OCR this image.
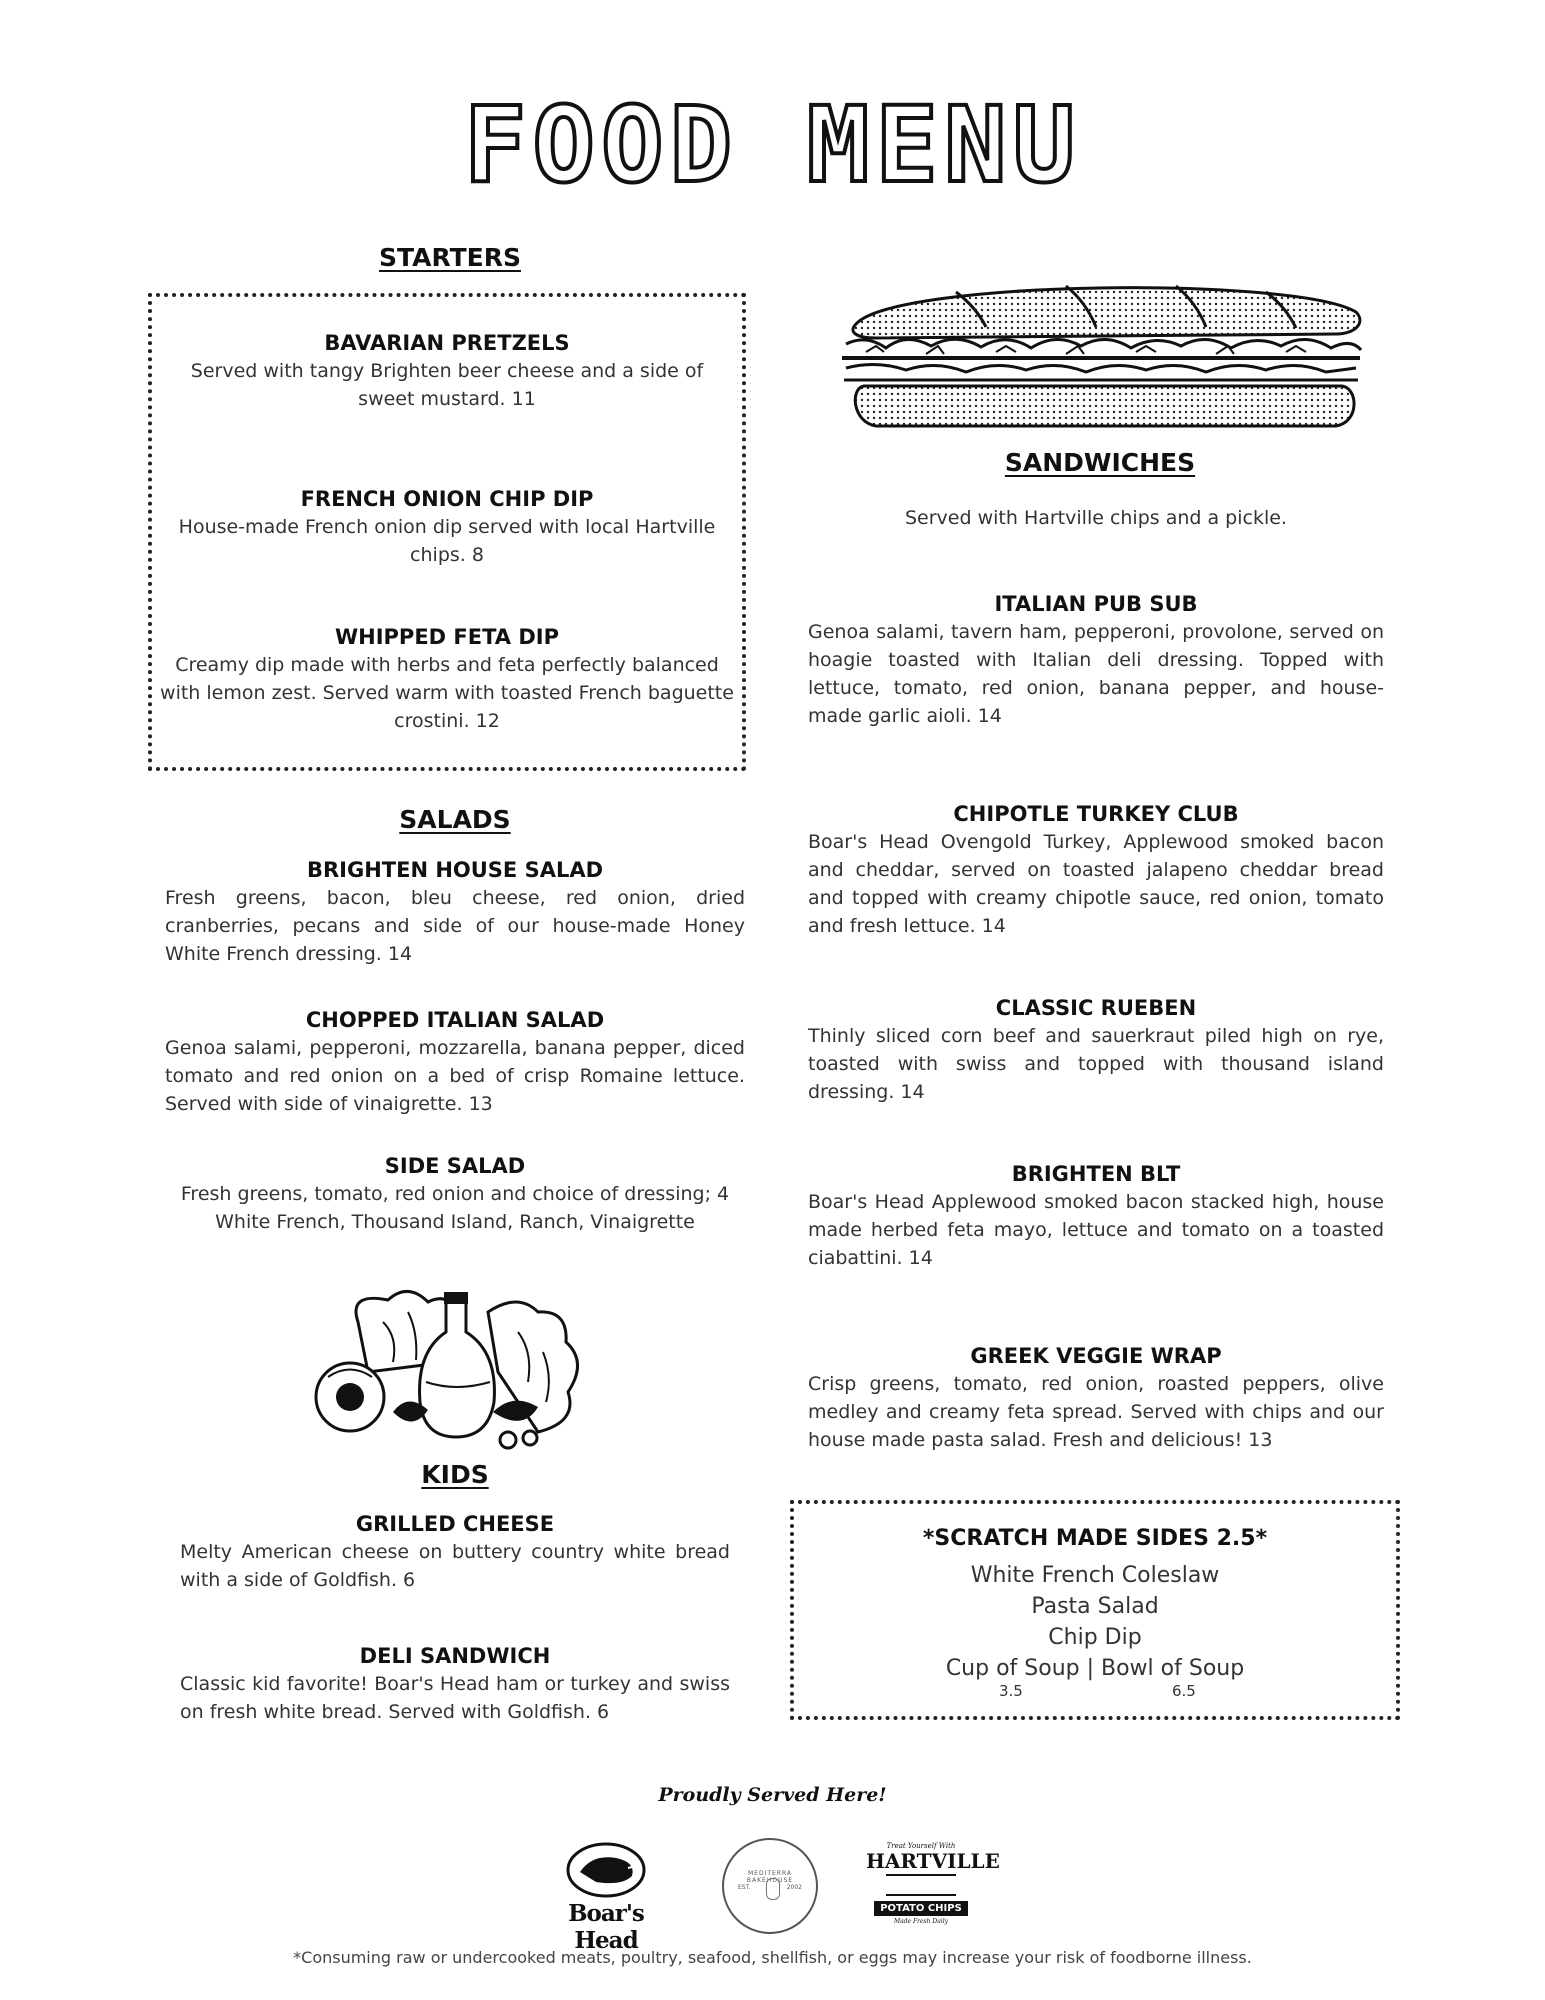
FOOD MENU
STARTERS

BAVARIAN PRETZELS

Served with tangy Brighten beer cheese and a side of sweet mustard. 11

FRENCH ONION CHIP DIP

House-made French onion dip served with local Hartville chips. 8

WHIPPED FETA DIP

Creamy dip made with herbs and feta perfectly balanced with lemon zest. Served warm with toasted French baguette crostini. 12

SANDWICHES
Served with Hartville chips and a pickle.

ITALIAN PUB SUB

Genoa salami, tavern ham, pepperoni, provolone, served on hoagie toasted with Italian deli dressing. Topped with lettuce, tomato, red onion, banana pepper, and house-made garlic aioli. 14

CHIPOTLE TURKEY CLUB

Boar's Head Ovengold Turkey, Applewood smoked bacon and cheddar, served on toasted jalapeno cheddar bread and topped with creamy chipotle sauce, red onion, tomato and fresh lettuce. 14

CLASSIC RUEBEN

Thinly sliced corn beef and sauerkraut piled high on rye, toasted with swiss and topped with thousand island dressing. 14

BRIGHTEN BLT

Boar's Head Applewood smoked bacon stacked high, house made herbed feta mayo, lettuce and tomato on a toasted ciabattini. 14

GREEK VEGGIE WRAP

Crisp greens, tomato, red onion, roasted peppers, olive medley and creamy feta spread. Served with chips and our house made pasta salad. Fresh and delicious! 13

SALADS

BRIGHTEN HOUSE SALAD

Fresh greens, bacon, bleu cheese, red onion, dried cranberries, pecans and side of our house-made Honey White French dressing. 14

CHOPPED ITALIAN SALAD

Genoa salami, pepperoni, mozzarella, banana pepper, diced tomato and red onion on a bed of crisp Romaine lettuce. Served with side of vinaigrette. 13

SIDE SALAD

Fresh greens, tomato, red onion and choice of dressing; 4

White French, Thousand Island, Ranch, Vinaigrette

KIDS

GRILLED CHEESE

Melty American cheese on buttery country white bread with a side of Goldfish. 6

DELI SANDWICH

Classic kid favorite! Boar's Head ham or turkey and swiss on fresh white bread. Served with Goldfish. 6

*SCRATCH MADE SIDES 2.5*
White French Coleslaw
Pasta Salad
Chip Dip
Cup of Soup | Bowl of Soup
3.5	6.5
Proudly Served Here!
Boar's Head
MEDITERRA BAKEHOUSE
EST.	2002
Treat Yourself With
HARTVILLE
POTATO CHIPS
Made Fresh Daily
*Consuming raw or undercooked meats, poultry, seafood, shellfish, or eggs may increase your risk of foodborne illness.
